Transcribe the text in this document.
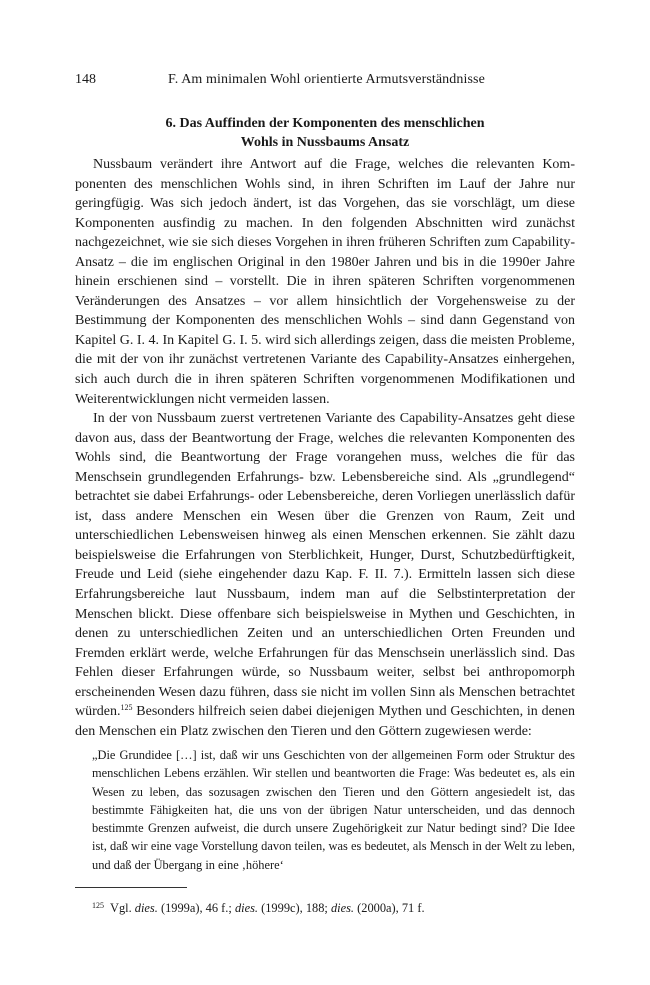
148	F. Am minimalen Wohl orientierte Armutsverständnisse
6. Das Auffinden der Komponenten des menschlichen
Wohls in Nussbaums Ansatz

Nussbaum verändert ihre Antwort auf die Frage, welches die relevanten Komponenten des menschlichen Wohls sind, in ihren Schriften im Lauf der Jahre nur geringfügig. Was sich jedoch ändert, ist das Vorgehen, das sie vorschlägt, um diese Komponenten ausfindig zu machen. In den folgenden Abschnitten wird zunächst nachgezeichnet, wie sie sich dieses Vorgehen in ihren früheren Schriften zum Capability-Ansatz – die im englischen Original in den 1980er Jahren und bis in die 1990er Jahre hinein erschienen sind – vorstellt. Die in ihren späteren Schriften vorgenommenen Veränderungen des Ansatzes – vor allem hinsichtlich der Vorgehensweise zu der Bestimmung der Komponenten des menschlichen Wohls – sind dann Gegenstand von Kapitel G. I. 4. In Kapitel G. I. 5. wird sich allerdings zeigen, dass die meisten Probleme, die mit der von ihr zunächst vertretenen Variante des Capability-Ansatzes einhergehen, sich auch durch die in ihren späteren Schriften vorgenommenen Modifikationen und Weiterentwicklungen nicht vermeiden lassen.

In der von Nussbaum zuerst vertretenen Variante des Capability-Ansatzes geht diese davon aus, dass der Beantwortung der Frage, welches die relevanten Komponenten des Wohls sind, die Beantwortung der Frage vorangehen muss, welches die für das Menschsein grundlegenden Erfahrungs- bzw. Lebensbereiche sind. Als „grundlegend“ betrachtet sie dabei Erfahrungs- oder Lebensbereiche, deren Vorliegen unerlässlich dafür ist, dass andere Menschen ein Wesen über die Grenzen von Raum, Zeit und unterschiedlichen Lebensweisen hinweg als einen Menschen erkennen. Sie zählt dazu beispielsweise die Erfahrungen von Sterblichkeit, Hunger, Durst, Schutzbedürftigkeit, Freude und Leid (siehe eingehender dazu Kap. F. II. 7.). Ermitteln lassen sich diese Erfahrungsbereiche laut Nussbaum, indem man auf die Selbstinterpretation der Menschen blickt. Diese offenbare sich beispielsweise in Mythen und Geschichten, in denen zu unterschiedlichen Zeiten und an unterschiedlichen Orten Freunden und Fremden erklärt werde, welche Erfahrungen für das Menschsein unerlässlich sind. Das Fehlen dieser Erfahrungen würde, so Nussbaum weiter, selbst bei anthropomorph erscheinenden Wesen dazu führen, dass sie nicht im vollen Sinn als Menschen betrachtet würden.$^{125}$ Besonders hilfreich seien dabei diejenigen Mythen und Geschichten, in denen den Menschen ein Platz zwischen den Tieren und den Göttern zugewiesen werde:

„Die Grundidee […] ist, daß wir uns Geschichten von der allgemeinen Form oder Struktur des menschlichen Lebens erzählen. Wir stellen und beantworten die Frage: Was bedeutet es, als ein Wesen zu leben, das sozusagen zwischen den Tieren und den Göttern angesiedelt ist, das bestimmte Fähigkeiten hat, die uns von der übrigen Natur unterscheiden, und das dennoch bestimmte Grenzen aufweist, die durch unsere Zugehörigkeit zur Natur bedingt sind? Die Idee ist, daß wir eine vage Vorstellung davon teilen, was es bedeutet, als Mensch in der Welt zu leben, und daß der Übergang in eine ‚höhere‘

$^{125}$ Vgl. dies. (1999a), 46 f.; dies. (1999c), 188; dies. (2000a), 71 f.
